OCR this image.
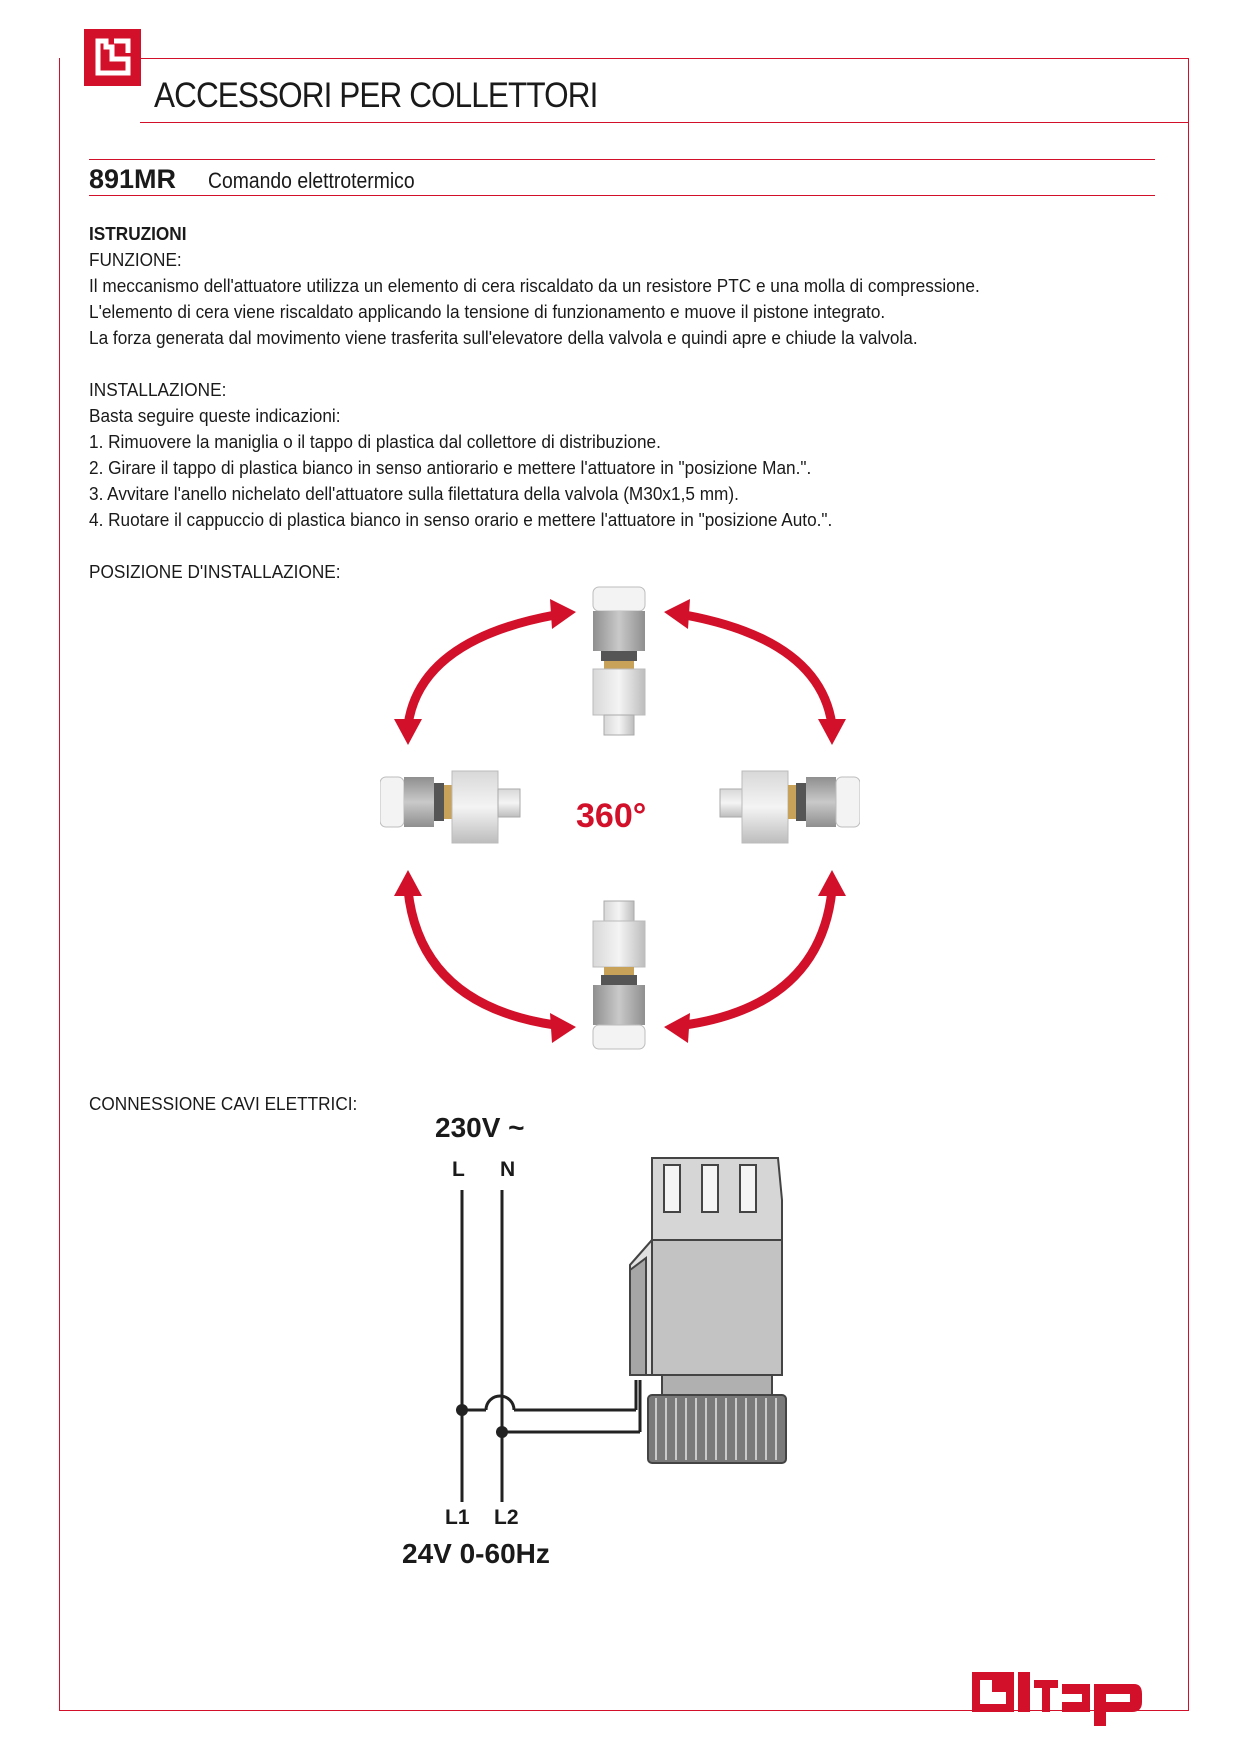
ACCESSORI PER COLLETTORI
891MR Comando elettrotermico

ISTRUZIONI

FUNZIONE:

Il meccanismo dell'attuatore utilizza un elemento di cera riscaldato da un resistore PTC e una molla di compressione.

L'elemento di cera viene riscaldato applicando la tensione di funzionamento e muove il pistone integrato.

La forza generata dal movimento viene trasferita sull'elevatore della valvola e quindi apre e chiude la valvola.

INSTALLAZIONE:

Basta seguire queste indicazioni:

1. Rimuovere la maniglia o il tappo di plastica dal collettore di distribuzione.

2. Girare il tappo di plastica bianco in senso antiorario e mettere l'attuatore in "posizione Man.".

3. Avvitare l'anello nichelato dell'attuatore sulla filettatura della valvola (M30x1,5 mm).

4. Ruotare il cappuccio di plastica bianco in senso orario e mettere l'attuatore in "posizione Auto.".

POSIZIONE D'INSTALLAZIONE:

360°

CONNESSIONE CAVI ELETTRICI:

230V ~
L N
L1 L2
24V 0-60Hz
